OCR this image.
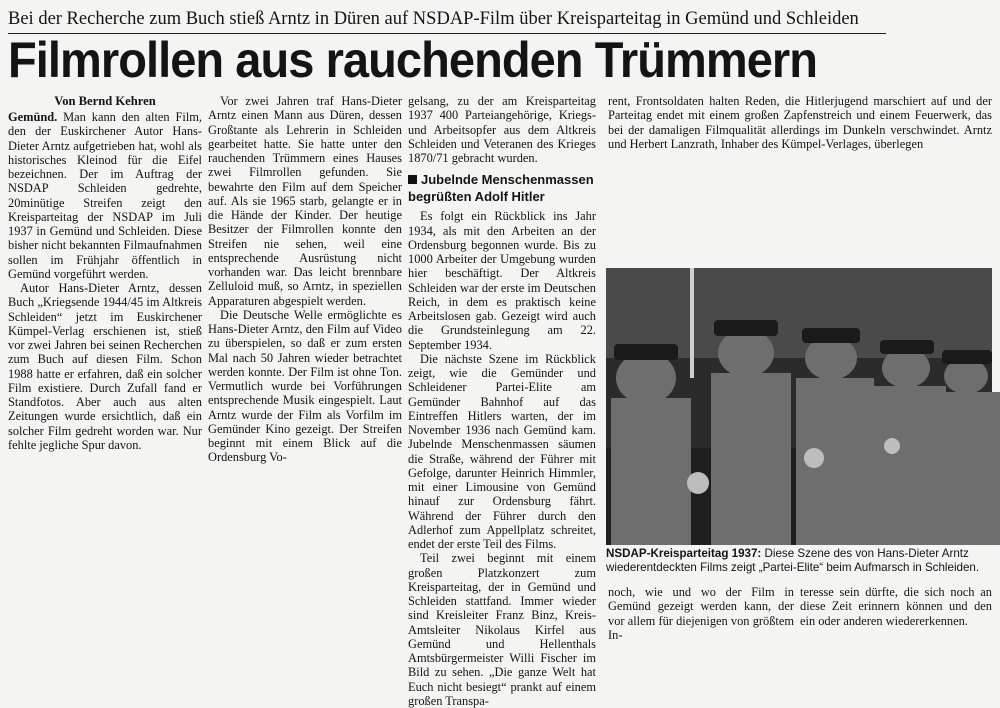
Bei der Recherche zum Buch stieß Arntz in Düren auf NSDAP-Film über Kreisparteitag in Gemünd und Schleiden
Filmrollen aus rauchenden Trümmern

Gemünd. Man kann den alten Film, den der Euskirchener Autor Hans-Dieter Arntz aufgetrieben hat, wohl als historisches Kleinod für die Eifel bezeichnen. Der im Auftrag der NSDAP Schleiden gedrehte, 20minütige Streifen zeigt den Kreisparteitag der NSDAP im Juli 1937 in Gemünd und Schleiden. Diese bisher nicht bekannten Filmaufnahmen sollen im Frühjahr öffentlich in Gemünd vorgeführt werden.

Autor Hans-Dieter Arntz, dessen Buch „Kriegsende 1944/45 im Altkreis Schleiden“ jetzt im Euskirchener Kümpel-Verlag erschienen ist, stieß vor zwei Jahren bei seinen Recherchen zum Buch auf diesen Film. Schon 1988 hatte er erfahren, daß ein solcher Film existiere. Durch Zufall fand er Standfotos. Aber auch aus alten Zeitungen wurde ersichtlich, daß ein solcher Film gedreht worden war. Nur fehlte jegliche Spur davon.

Von Bernd Kehren	Vor zwei Jahren traf Hans-Dieter Arntz einen Mann aus Düren, dessen Großtante als Lehrerin in Schleiden gearbeitet hatte. Sie hatte unter den rauchenden Trümmern eines Hauses zwei Filmrollen gefunden. Sie bewahrte den Film auf dem Speicher auf. Als sie 1965 starb, gelangte er in die Hände der Kinder. Der heutige Besitzer der Filmrollen konnte den Streifen nie sehen, weil eine entsprechende Ausrüstung nicht vorhanden war. Das leicht brennbare Zelluloid muß, so Arntz, in speziellen Apparaturen abgespielt werden.

Die Deutsche Welle ermöglichte es Hans-Dieter Arntz, den Film auf Video zu überspielen, so daß er zum ersten Mal nach 50 Jahren wieder betrachtet werden konnte. Der Film ist ohne Ton. Vermutlich wurde bei Vorführungen entsprechende Musik eingespielt. Laut Arntz wurde der Film als Vorfilm im Gemünder Kino gezeigt. Der Streifen beginnt mit einem Blick auf die Ordensburg Vo-

gelsang, zu der am Kreisparteitag 1937 400 Parteiangehörige, Kriegs- und Arbeitsopfer aus dem Altkreis Schleiden und Veteranen des Krieges 1870/71 gebracht wurden.

Jubelnde Menschenmassen
begrüßten Adolf Hitler

Es folgt ein Rückblick ins Jahr 1934, als mit den Arbeiten an der Ordensburg begonnen wurde. Bis zu 1000 Arbeiter der Umgebung wurden hier beschäftigt. Der Altkreis Schleiden war der erste im Deutschen Reich, in dem es praktisch keine Arbeitslosen gab. Gezeigt wird auch die Grundsteinlegung am 22. September 1934.

Die nächste Szene im Rückblick zeigt, wie die Gemünder und Schleidener Partei-Elite am Gemünder Bahnhof auf das Eintreffen Hitlers warten, der im November 1936 nach Gemünd kam. Jubelnde Menschenmassen säumen die Straße, während der Führer mit Gefolge, darunter Heinrich Himmler, mit einer Limousine von Gemünd hinauf zur Ordensburg fährt. Während der Führer durch den Adlerhof zum Appellplatz schreitet, endet der erste Teil des Films.

Teil zwei beginnt mit einem großen Platzkonzert zum Kreisparteitag, der in Gemünd und Schleiden stattfand. Immer wieder sind Kreisleiter Franz Binz, Kreis-Amtsleiter Nikolaus Kirfel aus Gemünd und Hellenthals Amtsbürgermeister Willi Fischer im Bild zu sehen. „Die ganze Welt hat Euch nicht besiegt“ prankt auf einem großen Transpa-

rent, Frontsoldaten halten Reden, die Hitlerjugend marschiert auf und der Parteitag endet mit einem großen Zapfenstreich und einem Feuerwerk, das bei der damaligen Filmqualität allerdings im Dunkeln verschwindet. Arntz und Herbert Lanzrath, Inhaber des Kümpel-Verlages, überlegen

NSDAP-Kreisparteitag 1937: Diese Szene des von Hans-Dieter Arntz wiederentdeckten Films zeigt „Partei-Elite“ beim Aufmarsch in Schleiden.

noch, wie und wo der Film in Gemünd gezeigt werden kann, der vor allem für diejenigen von größtem In-

teresse sein dürfte, die sich noch an diese Zeit erinnern können und den ein oder anderen wiedererkennen.
